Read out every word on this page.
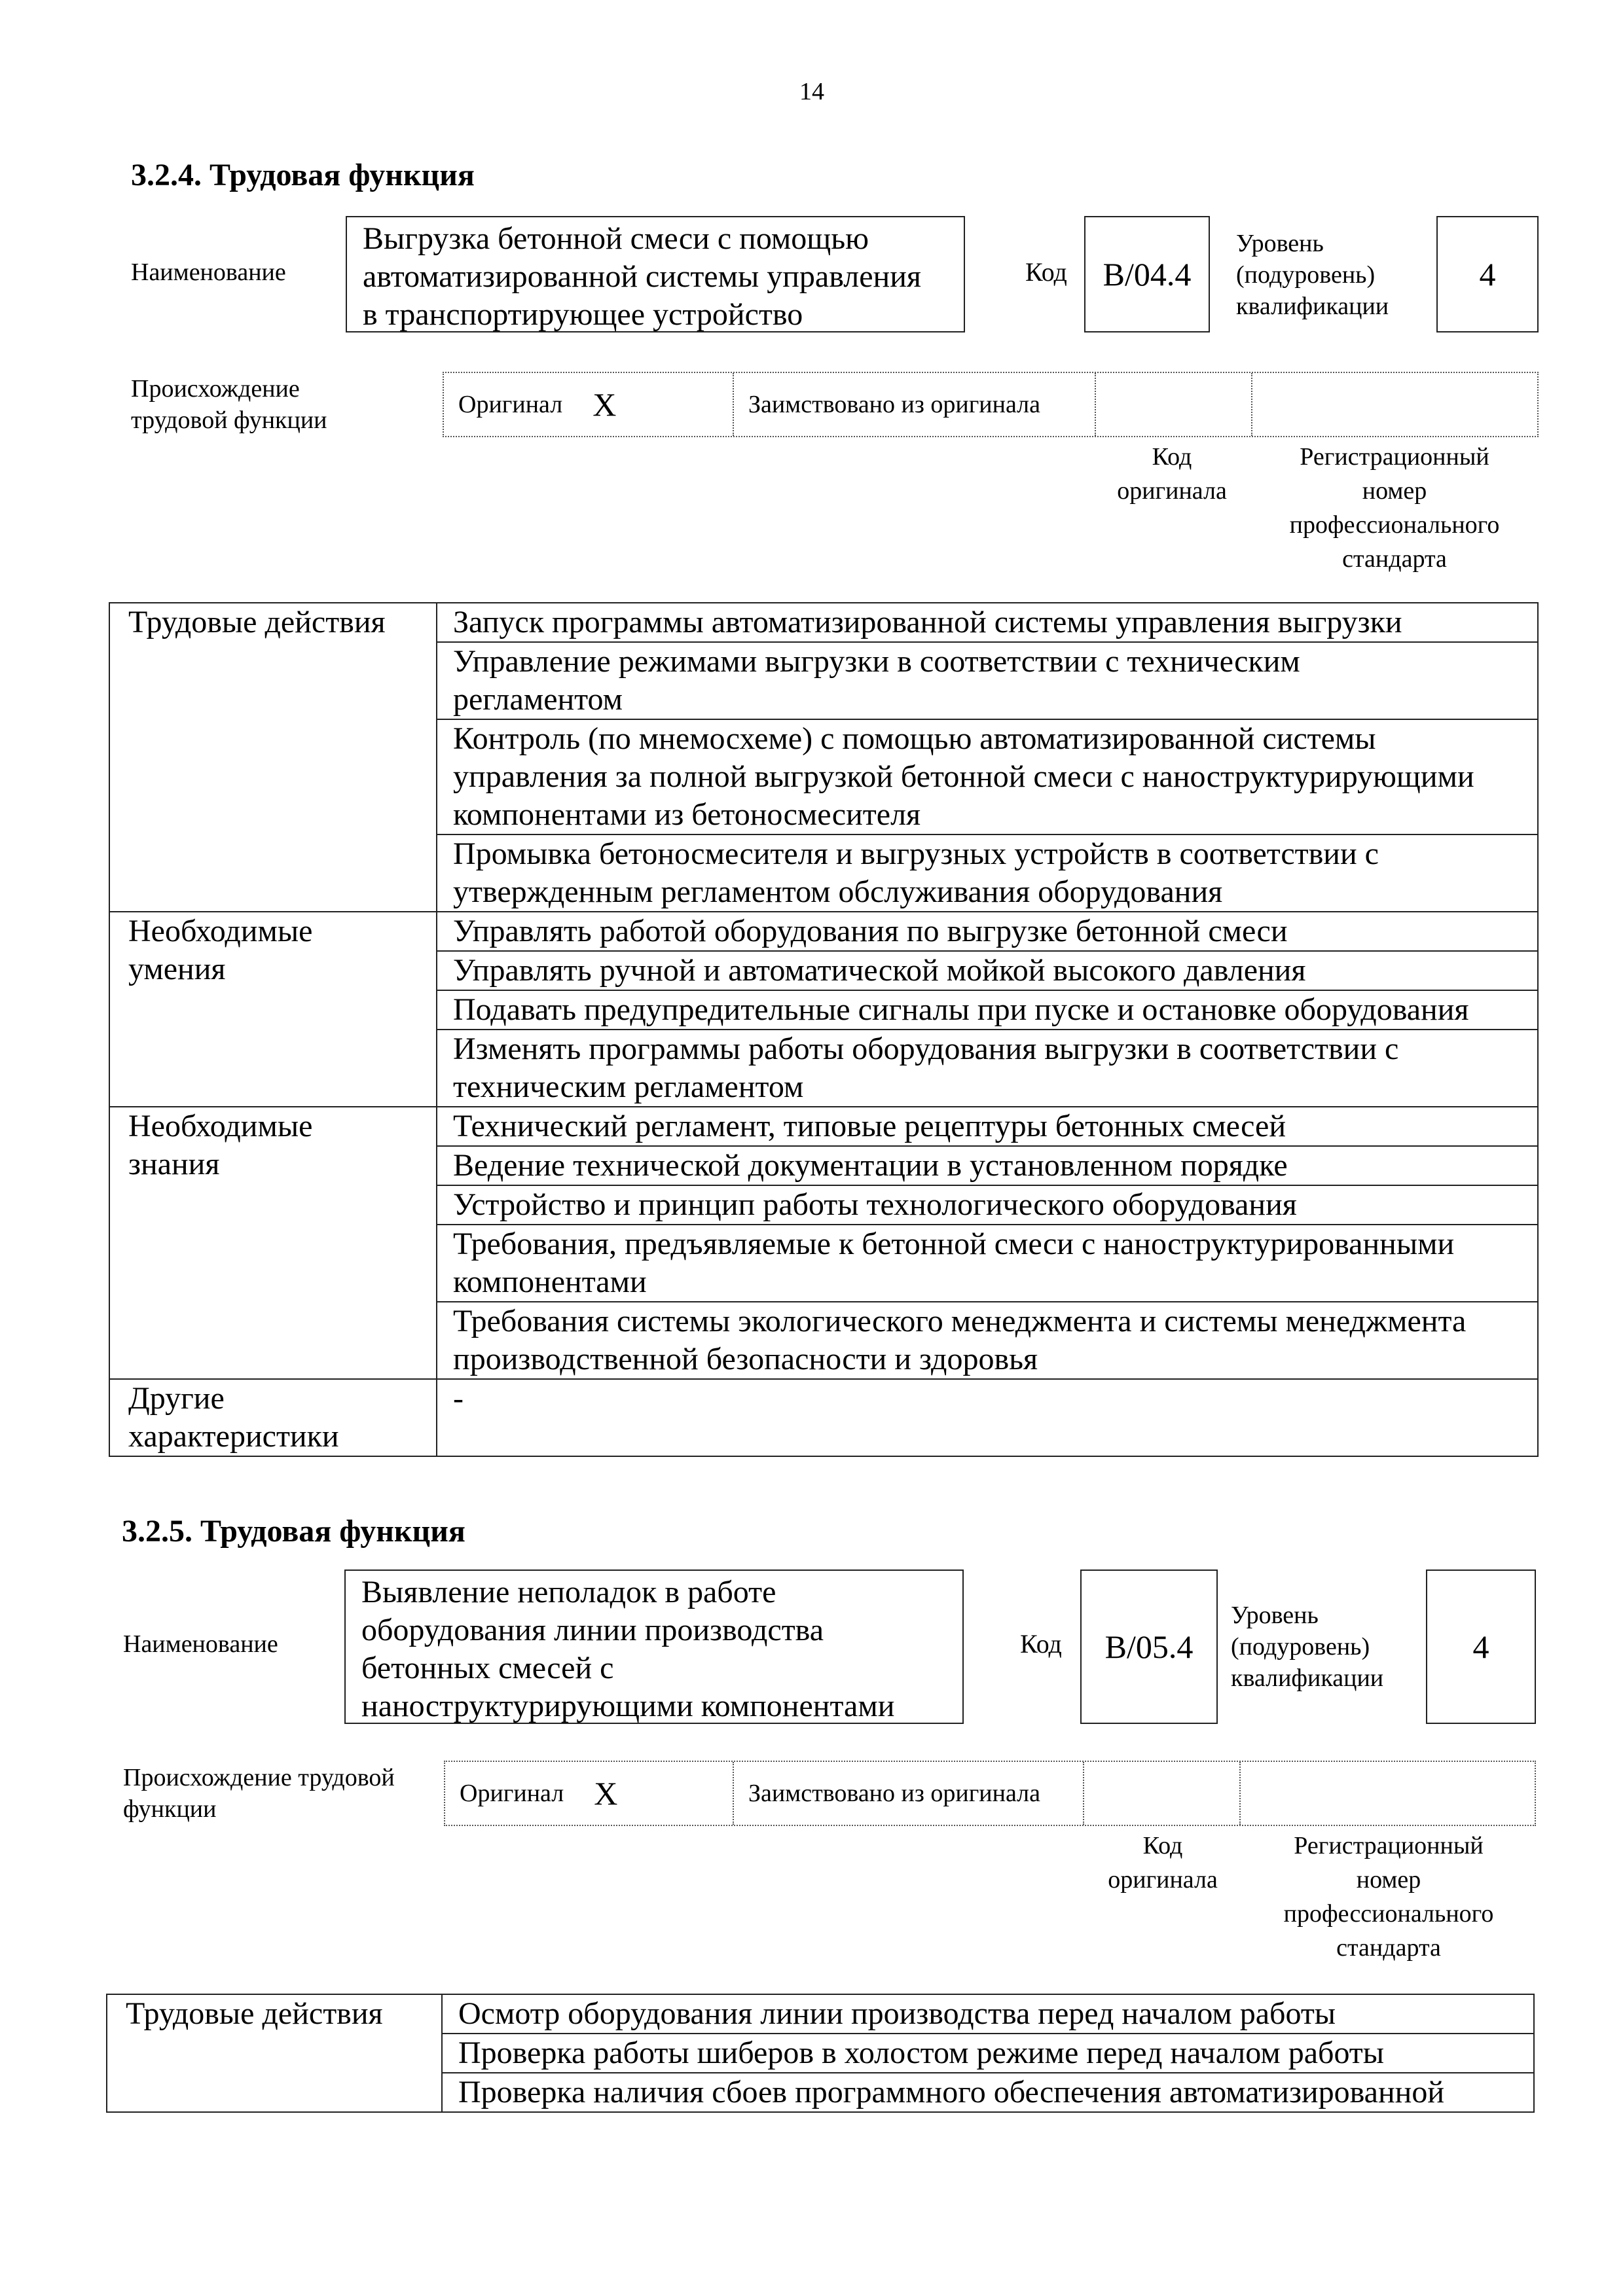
14
3.2.4. Трудовая функция
Наименование
Выгрузка бетонной смеси с помощью
автоматизированной системы управления
в транспортирующее устройство
Код	B/04.4
Уровень
(подуровень)
квалификации
4
Происхождение
трудовой функции
Оригинал X	Заимствовано из оригинала
Код
оригинала
Регистрационный
номер
профессионального
стандарта
Трудовые действия	Запуск программы автоматизированной системы управления выгрузки

	Управление режимами выгрузки в соответствии с техническим
регламентом

	Контроль (по мнемосхеме) с помощью автоматизированной системы
управления за полной выгрузкой бетонной смеси с наноструктурирующими
компонентами из бетоносмесителя

	Промывка бетоносмесителя и выгрузных устройств в соответствии с
утвержденным регламентом обслуживания оборудования

Необходимые
умения	Управлять работой оборудования по выгрузке бетонной смеси

	Управлять ручной и автоматической мойкой высокого давления

	Подавать предупредительные сигналы при пуске и остановке оборудования

	Изменять программы работы оборудования выгрузки в соответствии с
техническим регламентом

Необходимые
знания	Технический регламент, типовые рецептуры бетонных смесей

	Ведение технической документации в установленном порядке

	Устройство и принцип работы технологического оборудования

	Требования, предъявляемые к бетонной смеси с наноструктурированными
компонентами

	Требования системы экологического менеджмента и системы менеджмента
производственной безопасности и здоровья

Другие
характеристики	-
3.2.5. Трудовая функция
Наименование
Выявление неполадок в работе
оборудования линии производства
бетонных смесей с
наноструктурирующими компонентами
Код	B/05.4
Уровень
(подуровень)
квалификации
4
Происхождение трудовой
функции
Оригинал X	Заимствовано из оригинала
Код
оригинала
Регистрационный
номер
профессионального
стандарта
Трудовые действия	Осмотр оборудования линии производства перед началом работы

Проверка работы шиберов в холостом режиме перед началом работы

Проверка наличия сбоев программного обеспечения автоматизированной
